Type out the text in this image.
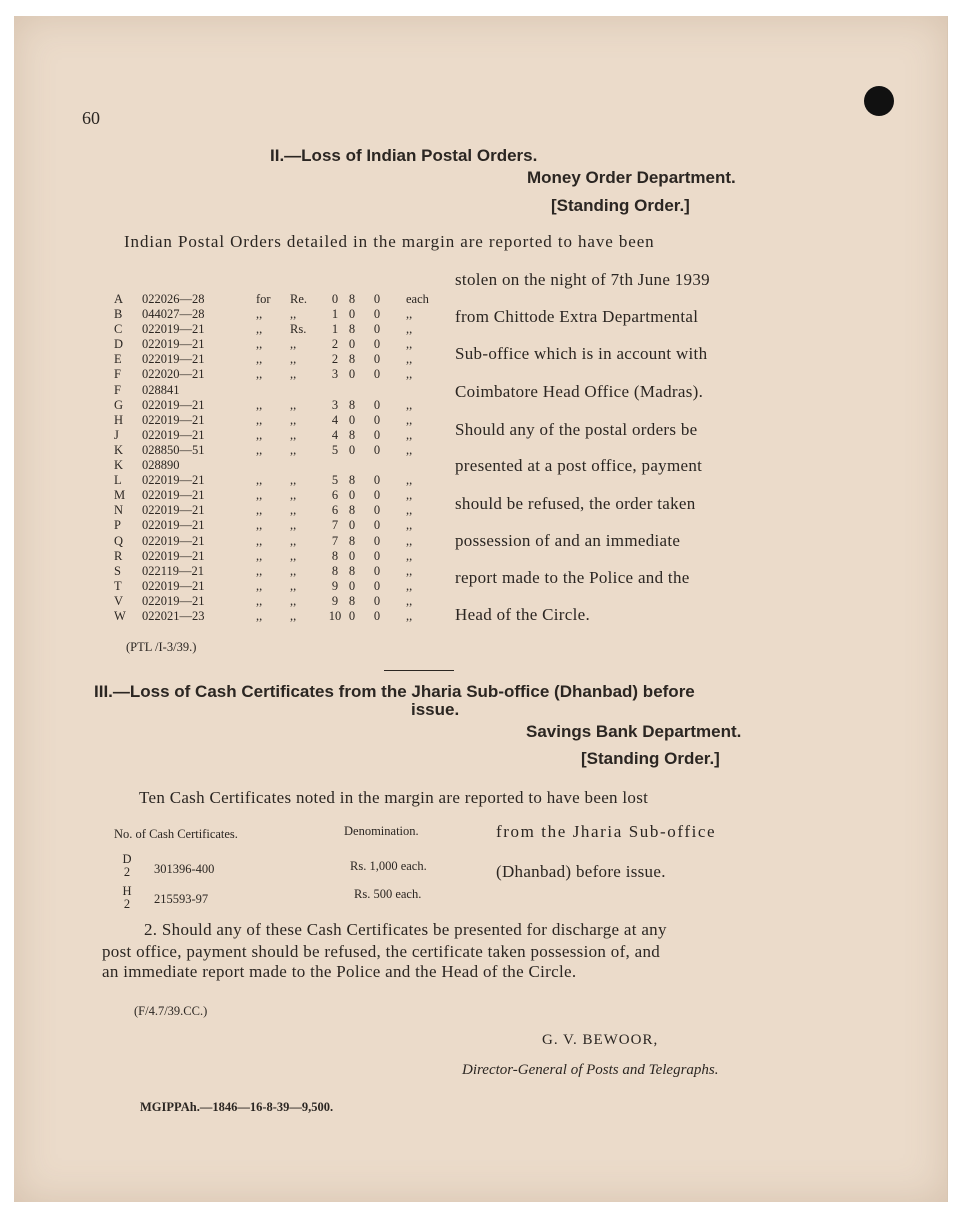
60
II.—Loss of Indian Postal Orders.
Money Order Department.
[Standing Order.]
Indian Postal Orders detailed in the margin are reported to have been
A	022026—28	for Re.	0 8	0	each
B	044027—28	,, ,,	1 0	0	,,
C	022019—21	,, Rs.	1 8	0	,,
D	022019—21	,, ,,	2 0	0	,,
E	022019—21	,, ,,	2 8	0	,,
F	022020—21	,, ,,	3 0	0	,,
F	028841
G	022019—21	,, ,,	3 8	0	,,
H	022019—21	,, ,,	4 0	0	,,
J	022019—21	,, ,,	4 8	0	,,
K	028850—51	,, ,,	5 0	0	,,
K	028890
L	022019—21	,, ,,	5 8	0	,,
M 022019—21	,, ,,	6 0	0	,,
N	022019—21	,, ,,	6 8	0	,,
P	022019—21	,, ,,	7 0	0	,,
Q	022019—21	,, ,,	7 8	0	,,
R	022019—21	,, ,,	8 0	0	,,
S	022119—21	,, ,,	8 8	0	,,
T	022019—21	,, ,,	9 0	0	,,
V	022019—21	,, ,,	9 8	0	,,
W 022021—23	,, ,,	10 0	0	,,
stolen on the night of 7th June 1939
from Chittode Extra Departmental
Sub-office which is in account with
Coimbatore Head Office (Madras).
Should any of the postal orders be
presented at a post office, payment
should be refused, the order taken
possession of and an immediate
report made to the Police and the
Head of the Circle.
(PTL /I-3/39.)
III.—Loss of Cash Certificates from the Jharia Sub-office (Dhanbad) before
issue.
Savings Bank Department.
[Standing Order.]
Ten Cash Certificates noted in the margin are reported to have been lost
No. of Cash Certificates.	Denomination.	from the Jharia Sub-office
(Dhanbad) before issue.
D
2	301396-400	Rs. 1,000 each.
H
2	215593-97	Rs. 500 each.
2. Should any of these Cash Certificates be presented for discharge at any
post office, payment should be refused, the certificate taken possession of, and
an immediate report made to the Police and the Head of the Circle.
(F/4.7/39.CC.)
G. V. BEWOOR,
Director-General of Posts and Telegraphs.
MGIPPAh.—1846—16-8-39—9,500.
